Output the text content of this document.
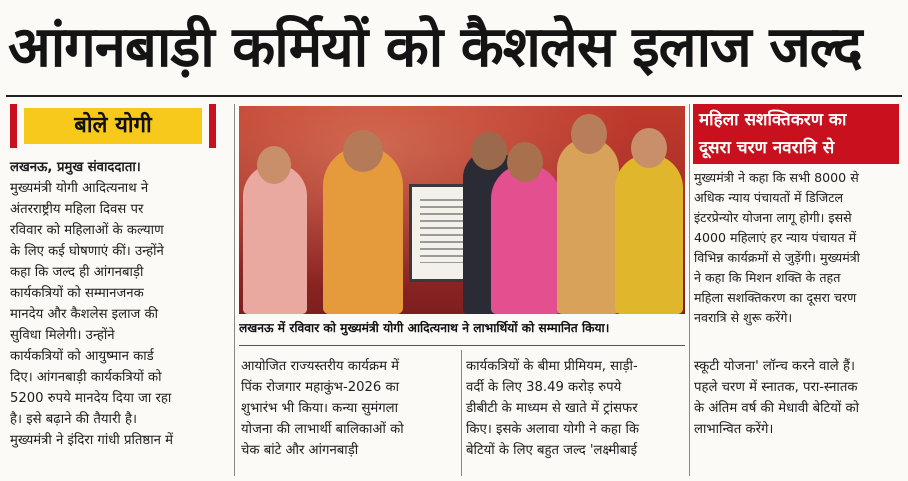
आंगनबाड़ी कर्मियों को कैशलेस इलाज जल्द
बोले योगी

लखनऊ, प्रमुख संवाददाता।

मुख्यमंत्री योगी आदित्यनाथ ने

अंतरराष्ट्रीय महिला दिवस पर

रविवार को महिलाओं के कल्याण

के लिए कई घोषणाएं कीं। उन्होंने

कहा कि जल्द ही आंगनबाड़ी

कार्यकत्रियों को सम्मानजनक

मानदेय और कैशलेस इलाज की

सुविधा मिलेगी। उन्होंने

कार्यकत्रियों को आयुष्मान कार्ड

दिए। आंगनबाड़ी कार्यकत्रियों को

5200 रुपये मानदेय दिया जा रहा

है। इसे बढ़ाने की तैयारी है।

मुख्यमंत्री ने इंदिरा गांधी प्रतिष्ठान में

लखनऊ में रविवार को मुख्यमंत्री योगी आदित्यनाथ ने लाभार्थियों को सम्मानित किया।

आयोजित राज्यस्तरीय कार्यक्रम में

पिंक रोजगार महाकुंभ-2026 का

शुभारंभ भी किया। कन्या सुमंगला

योजना की लाभार्थी बालिकाओं को

चेक बांटे और आंगनबाड़ी

कार्यकत्रियों के बीमा प्रीमियम, साड़ी-

वर्दी के लिए 38.49 करोड़ रुपये

डीबीटी के माध्यम से खाते में ट्रांसफर

किए। इसके अलावा योगी ने कहा कि

बेटियों के लिए बहुत जल्द 'लक्ष्मीबाई

महिला सशक्तिकरण का
दूसरा चरण नवरात्रि से

मुख्यमंत्री ने कहा कि सभी 8000 से

अधिक न्याय पंचायतों में डिजिटल

इंटरप्रेन्योर योजना लागू होगी। इससे

4000 महिलाएं हर न्याय पंचायत में

विभिन्न कार्यक्रमों से जुड़ेंगी। मुख्यमंत्री

ने कहा कि मिशन शक्ति के तहत

महिला सशक्तिकरण का दूसरा चरण

नवरात्रि से शुरू करेंगे।

स्कूटी योजना' लॉन्च करने वाले हैं।

पहले चरण में स्नातक, परा-स्नातक

के अंतिम वर्ष की मेधावी बेटियों को

लाभान्वित करेंगे।
